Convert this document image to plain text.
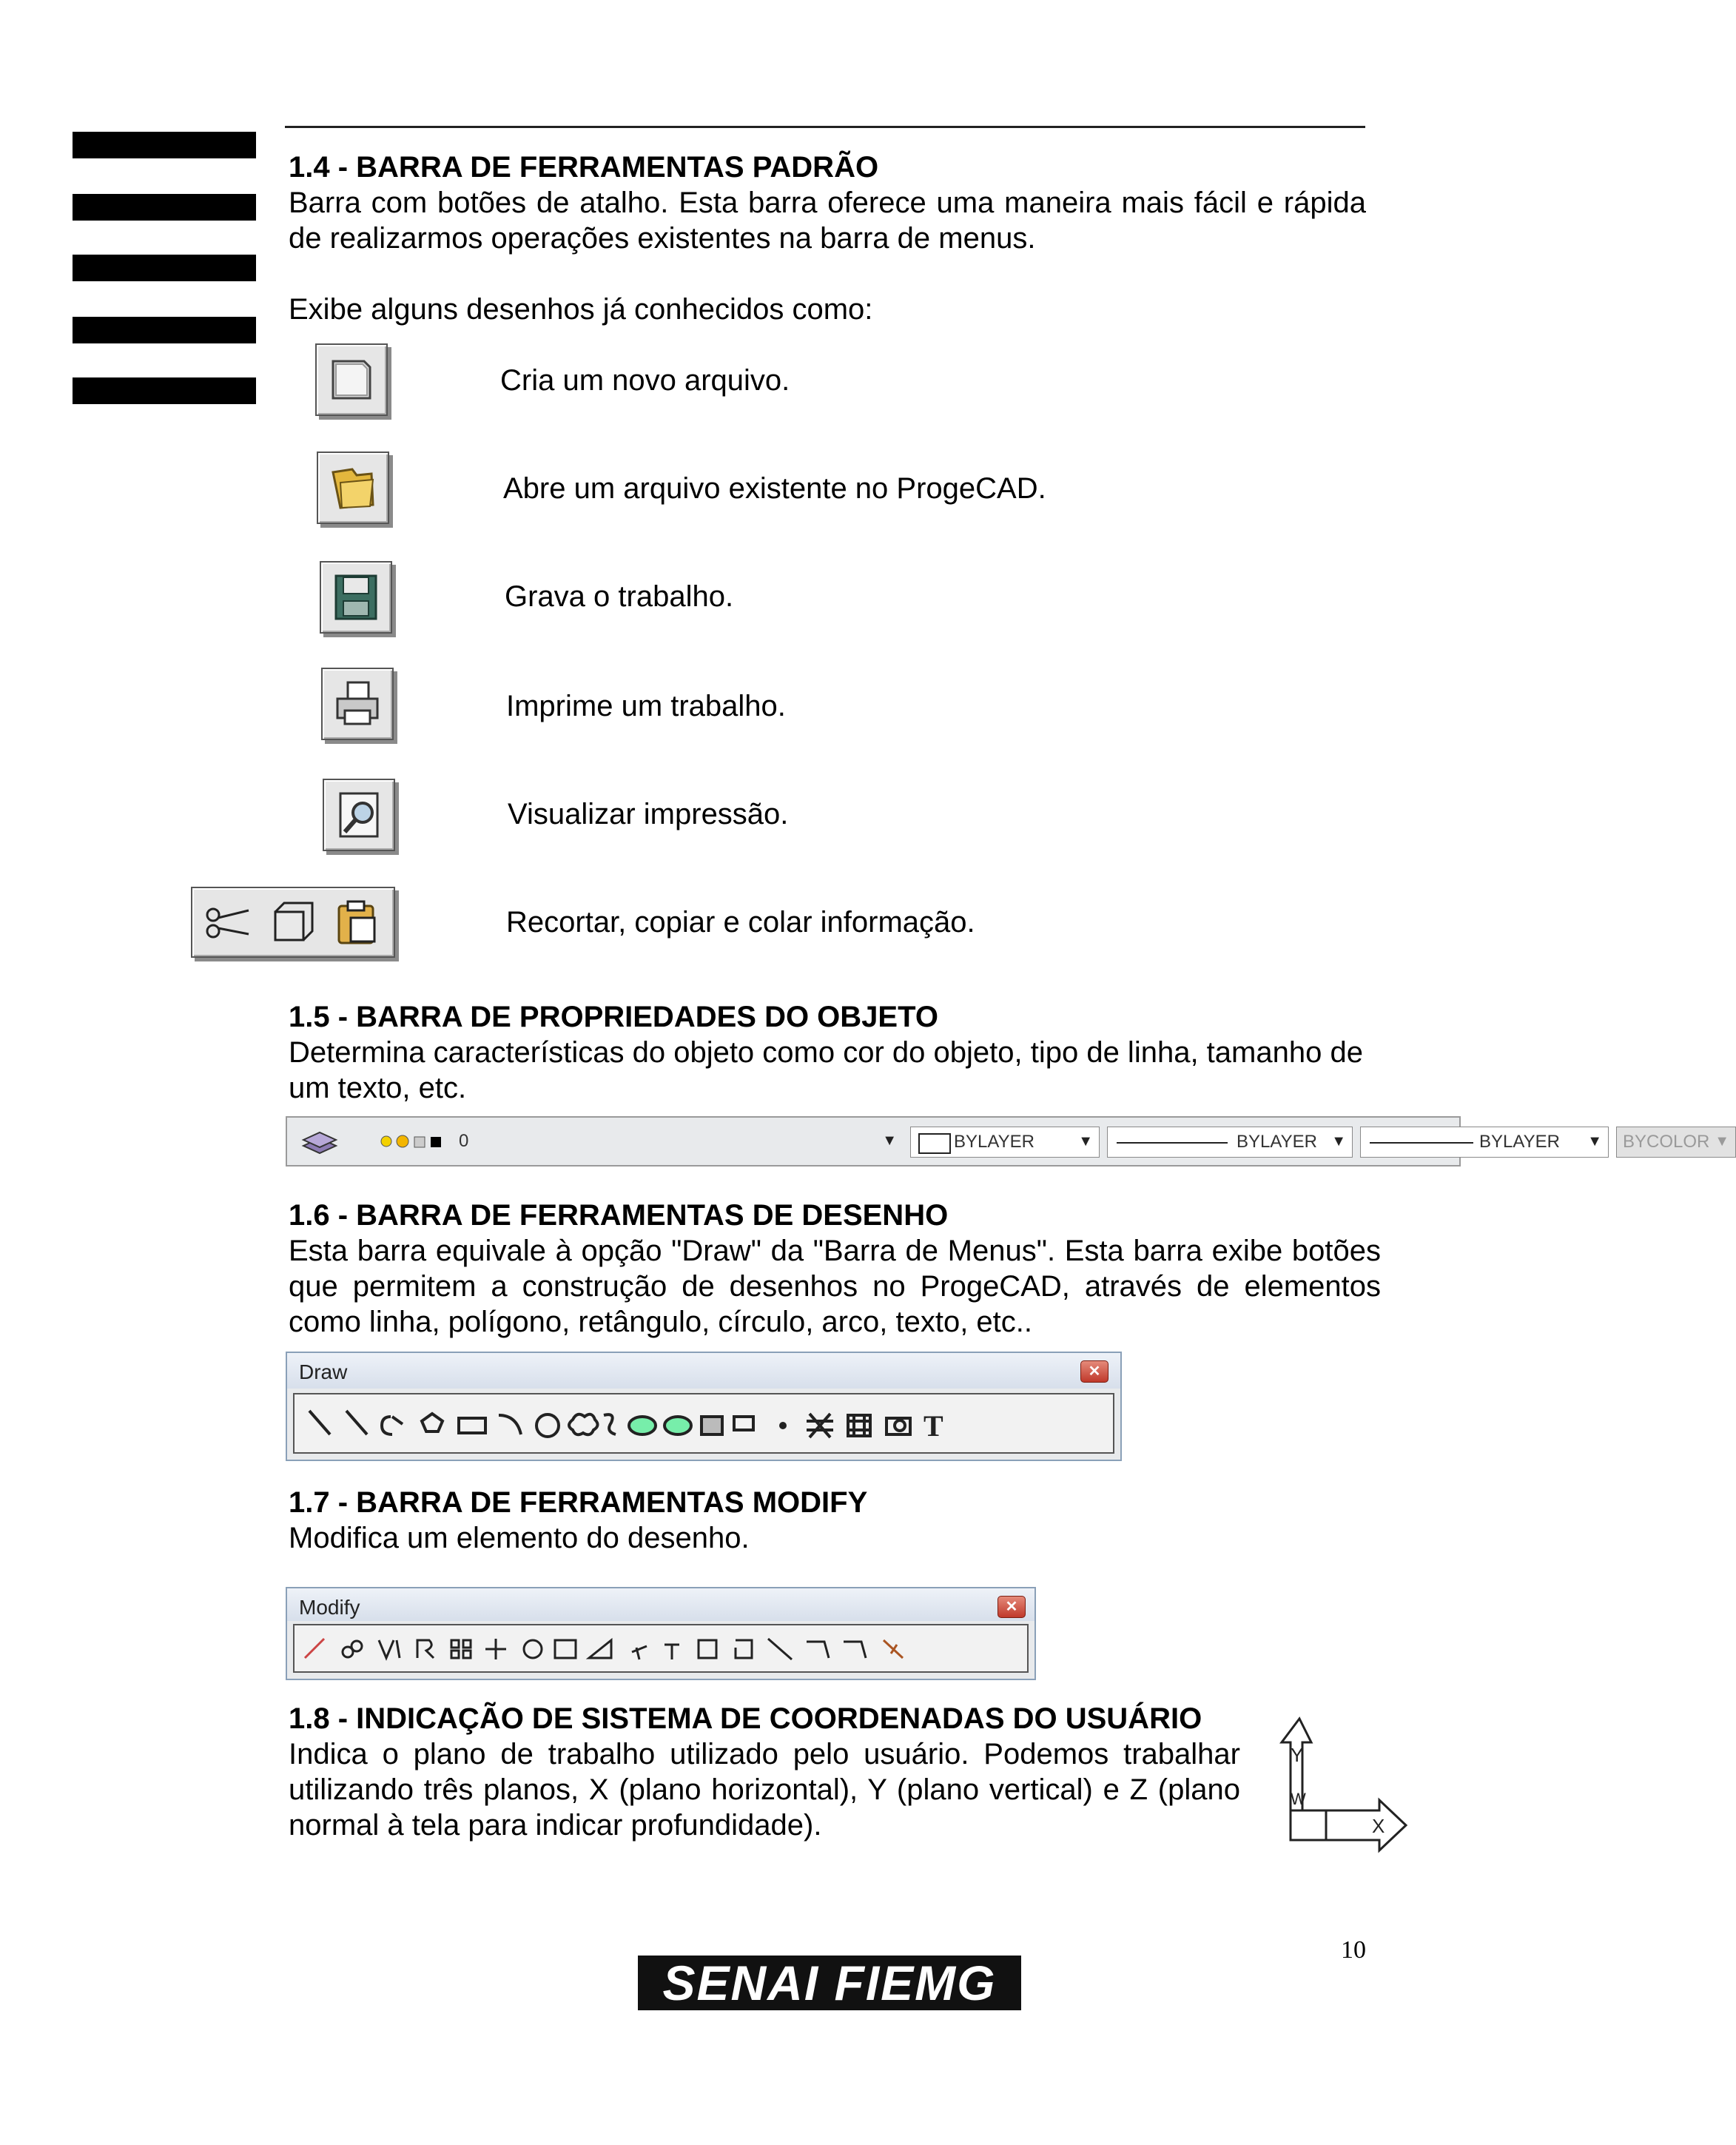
1.4 - BARRA DE FERRAMENTAS PADRÃO
Barra com botões de atalho. Esta barra oferece uma maneira mais fácil e rápida de realizarmos operações existentes na barra de menus.
Exibe alguns desenhos já conhecidos como:
Cria um novo arquivo.
Abre um arquivo existente no ProgeCAD.
Grava o trabalho.
Imprime um trabalho.
Visualizar impressão.
Recortar, copiar e colar informação.
1.5 - BARRA DE PROPRIEDADES DO OBJETO
Determina características do objeto como cor do objeto, tipo de linha, tamanho de um texto, etc.
0	▼	BYLAYER	▼	BYLAYER ▼	BYLAYER ▼ BYCOLOR ▼
1.6 - BARRA DE FERRAMENTAS DE DESENHO
Esta barra equivale à opção "Draw" da "Barra de Menus". Esta barra exibe botões que permitem a construção de desenhos no ProgeCAD, através de elementos como linha, polígono, retângulo, círculo, arco, texto, etc..
Draw	✕
T
1.7 - BARRA DE FERRAMENTAS MODIFY
Modifica um elemento do desenho.
Modify	✕
1.8 - INDICAÇÃO DE SISTEMA DE COORDENADAS DO USUÁRIO
Indica o plano de trabalho utilizado pelo usuário. Podemos trabalhar utilizando três planos, X (plano horizontal), Y (plano vertical) e Z (plano normal à tela para indicar profundidade).
Y
W
X
10
SENAI FIEMG
